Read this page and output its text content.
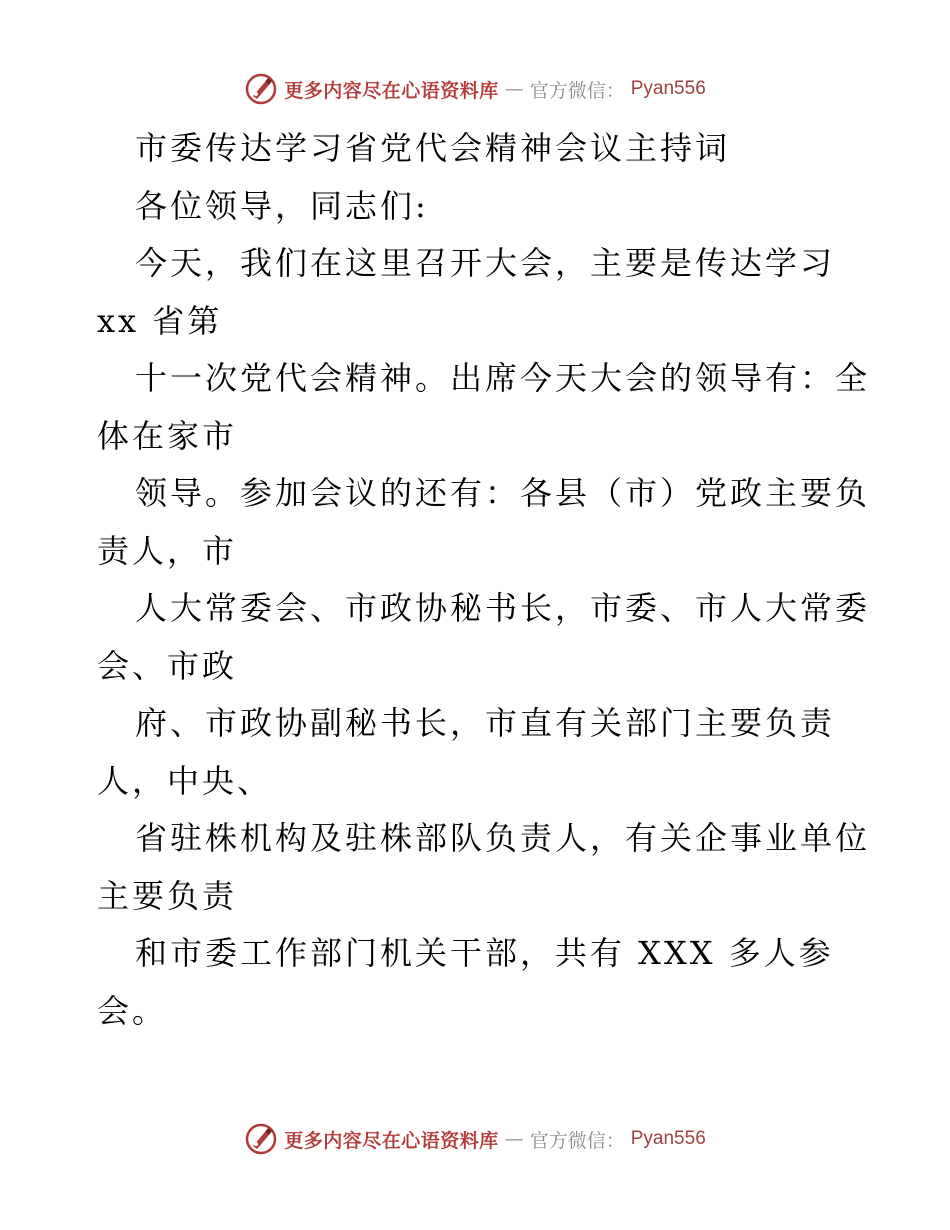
更多内容尽在心语资料库 — 官方微信： Pyan556
市委传达学习省党代会精神会议主持词
各位领导，同志们:
今天，我们在这里召开大会，主要是传达学习
xx 省第
十一次党代会精神。出席今天大会的领导有：全
体在家市
领导。参加会议的还有：各县（市）党政主要负
责人，市
人大常委会、市政协秘书长，市委、市人大常委
会、市政
府、市政协副秘书长，市直有关部门主要负责
人，中央、
省驻株机构及驻株部队负责人，有关企事业单位
主要负责
和市委工作部门机关干部，共有 XXX 多人参
会。
更多内容尽在心语资料库 — 官方微信： Pyan556
